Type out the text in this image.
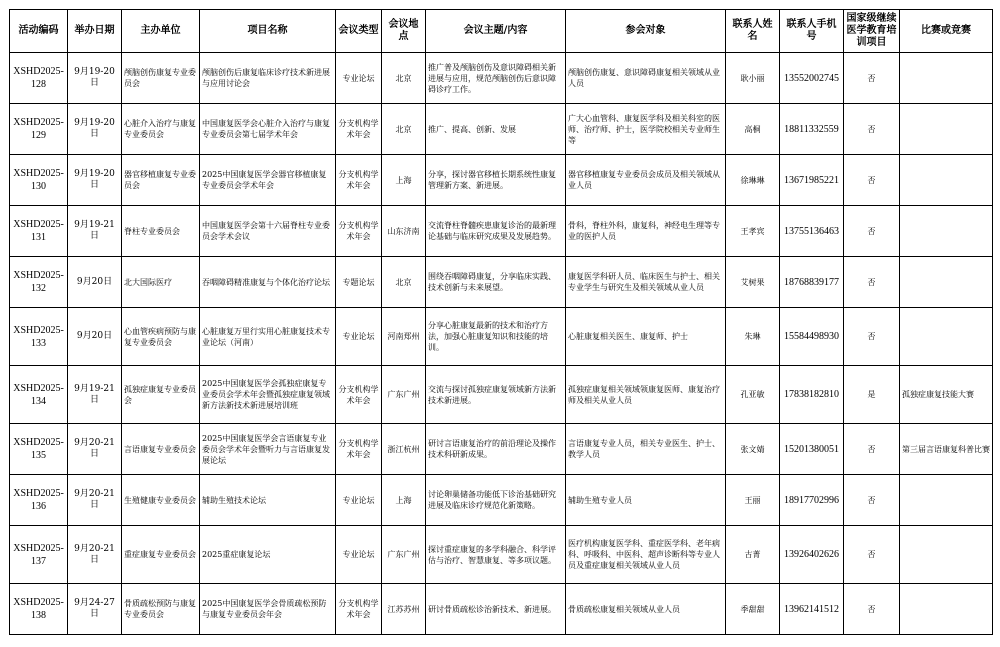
活动编码	举办日期	主办单位	项目名称	会议类型	会议地点	会议主题/内容	参会对象	联系人姓名	联系人手机号	国家级继续医学教育培训项目	比赛或竞赛
XSHD2025-128	9月19-20日	颅脑创伤康复专业委员会	颅脑创伤后康复临床诊疗技术新进展与应用讨论会	专业论坛	北京	推广普及颅脑创伤及意识障碍相关新进展与应用，规范颅脑创伤后意识障碍诊疗工作。	颅脑创伤康复、意识障碍康复相关领域从业人员	耿小丽	13552002745	否	
XSHD2025-129	9月19-20日	心脏介入治疗与康复专业委员会	中国康复医学会心脏介入治疗与康复专业委员会第七届学术年会	分支机构学术年会	北京	推广、提高、创新、发展	广大心血管科、康复医学科及相关科室的医师、治疗师、护士，医学院校相关专业师生等	高桐	18811332559	否	
XSHD2025-130	9月19-20日	器官移植康复专业委员会	2025中国康复医学会器官移植康复专业委员会学术年会	分支机构学术年会	上海	分享，探讨器官移植长期系统性康复管理新方案、新进展。	器官移植康复专业委员会成员及相关领域从业人员	徐琳琳	13671985221	否	
XSHD2025-131	9月19-21日	脊柱专业委员会	中国康复医学会第十六届脊柱专业委员会学术会议	分支机构学术年会	山东济南	交流脊柱脊髓疾患康复诊治的最新理论基础与临床研究成果及发展趋势。	骨科，脊柱外科，康复科，神经电生理等专业的医护人员	王孝宾	13755136463	否	
XSHD2025-132	9月20日	北大国际医疗	吞咽障碍精准康复与个体化治疗论坛	专题论坛	北京	围绕吞咽障碍康复，分享临床实践、技术创新与未来展望。	康复医学科研人员、临床医生与护士、相关专业学生与研究生及相关领域从业人员	艾树果	18768839177	否	
XSHD2025-133	9月20日	心血管疾病预防与康复专业委员会	心脏康复万里行实用心脏康复技术专业论坛（河南）	专业论坛	河南郑州	分享心脏康复最新的技术和治疗方法，加强心脏康复知识和技能的培训。	心脏康复相关医生、康复师、护士	朱琳	15584498930	否	
XSHD2025-134	9月19-21日	孤独症康复专业委员会	2025中国康复医学会孤独症康复专业委员会学术年会暨孤独症康复领域新方法新技术新进展培训班	分支机构学术年会	广东广州	交流与探讨孤独症康复领域新方法新技术新进展。	孤独症康复相关领域领康复医师、康复治疗师及相关从业人员	孔亚敏	17838182810	是	孤独症康复技能大赛
XSHD2025-135	9月20-21日	言语康复专业委员会	2025中国康复医学会言语康复专业委员会学术年会暨听力与言语康复发展论坛	分支机构学术年会	浙江杭州	研讨言语康复治疗的前沿理论及操作技术科研新成果。	言语康复专业人员，相关专业医生、护士、教学人员	张文婧	15201380051	否	第三届言语康复科普比赛
XSHD2025-136	9月20-21日	生殖健康专业委员会	辅助生殖技术论坛	专业论坛	上海	讨论卵巢储备功能低下诊治基础研究进展及临床诊疗规范化新策略。	辅助生殖专业人员	王丽	18917702996	否	
XSHD2025-137	9月20-21日	重症康复专业委员会	2025重症康复论坛	专业论坛	广东广州	探讨重症康复的多学科融合、科学评估与治疗、智慧康复、等多项议题。	医疗机构康复医学科、重症医学科、老年病科、呼吸科、中医科、超声诊断科等专业人员及重症康复相关领域从业人员	古菁	13926402626	否	
XSHD2025-138	9月24-27日	骨质疏松预防与康复专业委员会	2025中国康复医学会骨质疏松预防与康复专业委员会年会	分支机构学术年会	江苏苏州	研讨骨质疏松诊治新技术、新进展。	骨质疏松康复相关领域从业人员	季甜甜	13962141512	否	
